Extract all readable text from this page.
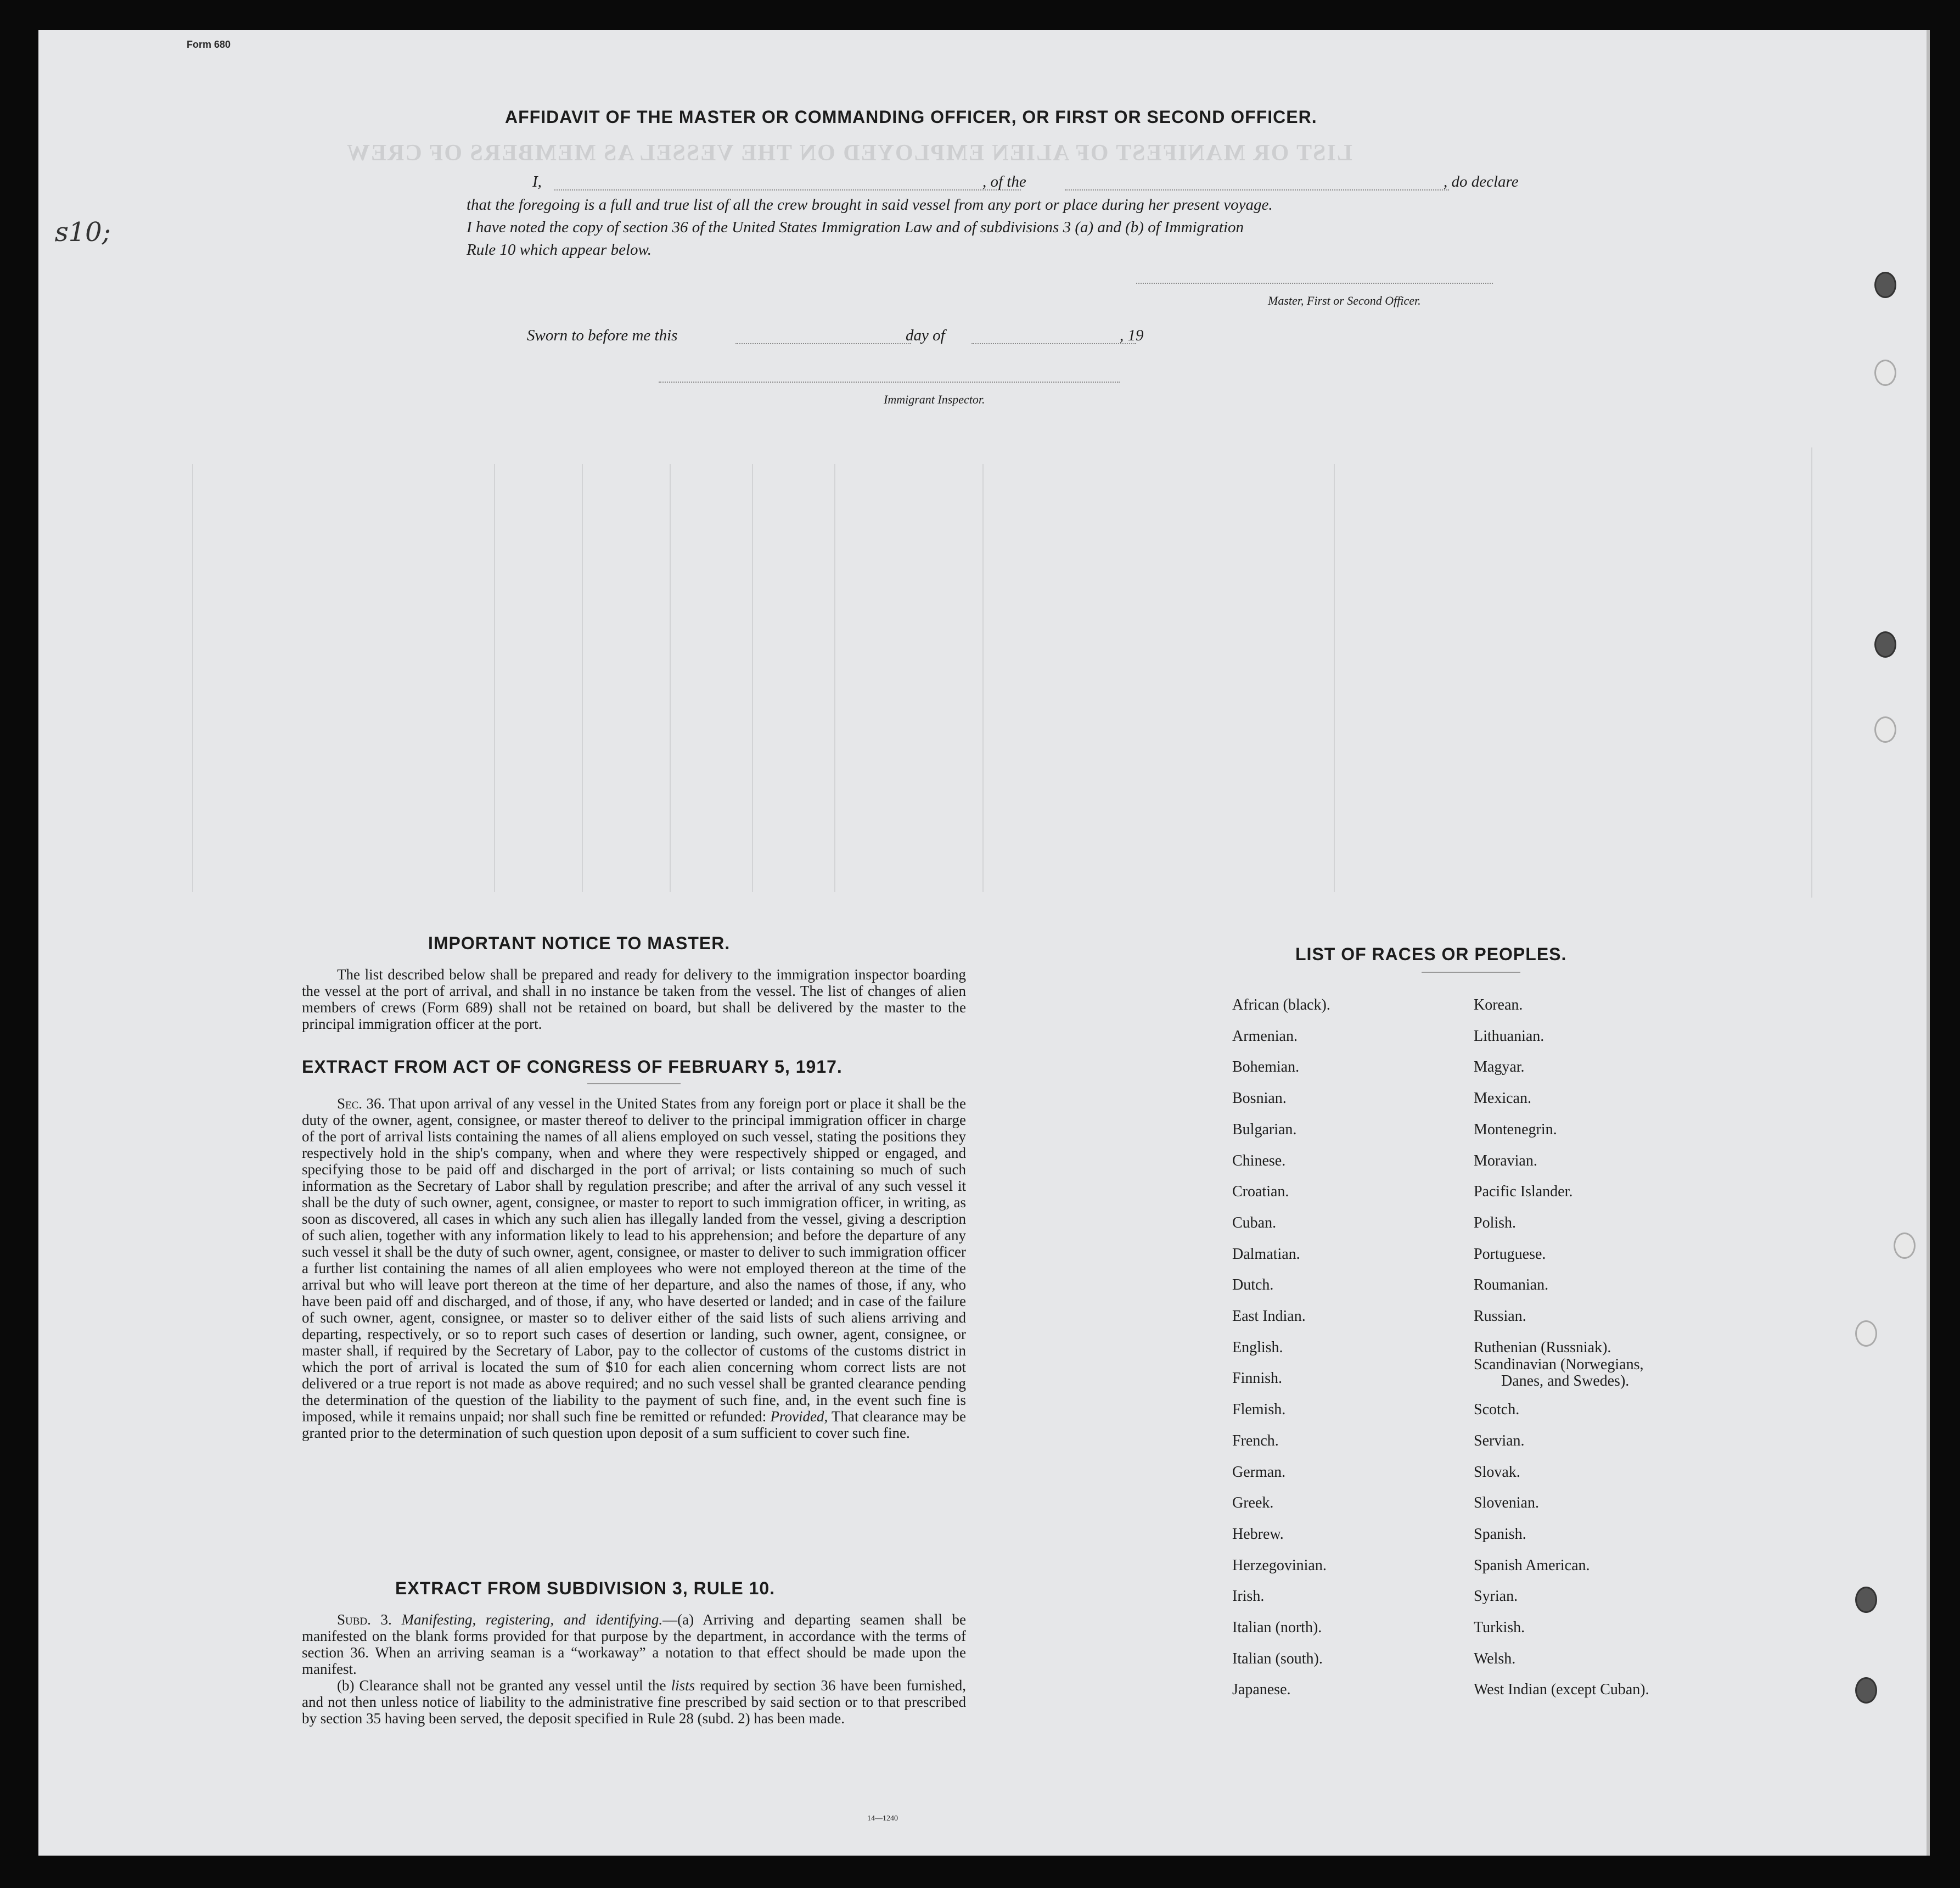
LIST OR MANIFEST OF ALIEN EMPLOYED ON THE VESSEL AS MEMBERS OF CREW
Form 680
ꜱ10;
AFFIDAVIT OF THE MASTER OR COMMANDING OFFICER, OR FIRST OR SECOND OFFICER.
I,	, of the	, do declare
that the foregoing is a full and true list of all the crew brought in said vessel from any port or place during her present voyage.
I have noted the copy of section 36 of the United States Immigration Law and of subdivisions 3 (a) and (b) of Immigration
Rule 10 which appear below.
Master, First or Second Officer.
Sworn to before me this	day of	, 19
Immigrant Inspector.
IMPORTANT NOTICE TO MASTER.

The list described below shall be prepared and ready for delivery to the immigration inspector boarding the vessel at the port of arrival, and shall in no instance be taken from the vessel. The list of changes of alien members of crews (Form 689) shall not be retained on board, but shall be delivered by the master to the principal immigration officer at the port.

EXTRACT FROM ACT OF CONGRESS OF FEBRUARY 5, 1917.

Sec. 36. That upon arrival of any vessel in the United States from any foreign port or place it shall be the duty of the owner, agent, consignee, or master thereof to deliver to the principal immigration officer in charge of the port of arrival lists containing the names of all aliens employed on such vessel, stating the positions they respectively hold in the ship's company, when and where they were respectively shipped or engaged, and specifying those to be paid off and discharged in the port of arrival; or lists containing so much of such information as the Secretary of Labor shall by regulation prescribe; and after the arrival of any such vessel it shall be the duty of such owner, agent, consignee, or master to report to such immigration officer, in writing, as soon as discovered, all cases in which any such alien has illegally landed from the vessel, giving a description of such alien, together with any information likely to lead to his apprehension; and before the departure of any such vessel it shall be the duty of such owner, agent, consignee, or master to deliver to such immigration officer a further list containing the names of all alien employees who were not employed thereon at the time of the arrival but who will leave port thereon at the time of her departure, and also the names of those, if any, who have been paid off and discharged, and of those, if any, who have deserted or landed; and in case of the failure of such owner, agent, consignee, or master so to deliver either of the said lists of such aliens arriving and departing, respectively, or so to report such cases of desertion or landing, such owner, agent, consignee, or master shall, if required by the Secretary of Labor, pay to the collector of customs of the customs district in which the port of arrival is located the sum of $10 for each alien concerning whom correct lists are not delivered or a true report is not made as above required; and no such vessel shall be granted clearance pending the determination of the question of the liability to the payment of such fine, and, in the event such fine is imposed, while it remains unpaid; nor shall such fine be remitted or refunded: Provided, That clearance may be granted prior to the determination of such question upon deposit of a sum sufficient to cover such fine.

EXTRACT FROM SUBDIVISION 3, RULE 10.

Subd. 3. Manifesting, registering, and identifying.—(a) Arriving and departing seamen shall be manifested on the blank forms provided for that purpose by the department, in accordance with the terms of section 36. When an arriving seaman is a “workaway” a notation to that effect should be made upon the manifest.

(b) Clearance shall not be granted any vessel until the lists required by section 36 have been furnished, and not then unless notice of liability to the administrative fine prescribed by said section or to that prescribed by section 35 having been served, the deposit specified in Rule 28 (subd. 2) has been made.

14—1240
LIST OF RACES OR PEOPLES.
African (black).
Armenian.
Bohemian.
Bosnian.
Bulgarian.
Chinese.
Croatian.
Cuban.
Dalmatian.
Dutch.
East Indian.
English.
Finnish.
Flemish.
French.
German.
Greek.
Hebrew.
Herzegovinian.
Irish.
Italian (north).
Italian (south).
Japanese.
Korean.
Lithuanian.
Magyar.
Mexican.
Montenegrin.
Moravian.
Pacific Islander.
Polish.
Portuguese.
Roumanian.
Russian.
Ruthenian (Russniak).
Scandinavian (Norwegians,
Danes, and Swedes).
Scotch.
Servian.
Slovak.
Slovenian.
Spanish.
Spanish American.
Syrian.
Turkish.
Welsh.
West Indian (except Cuban).
